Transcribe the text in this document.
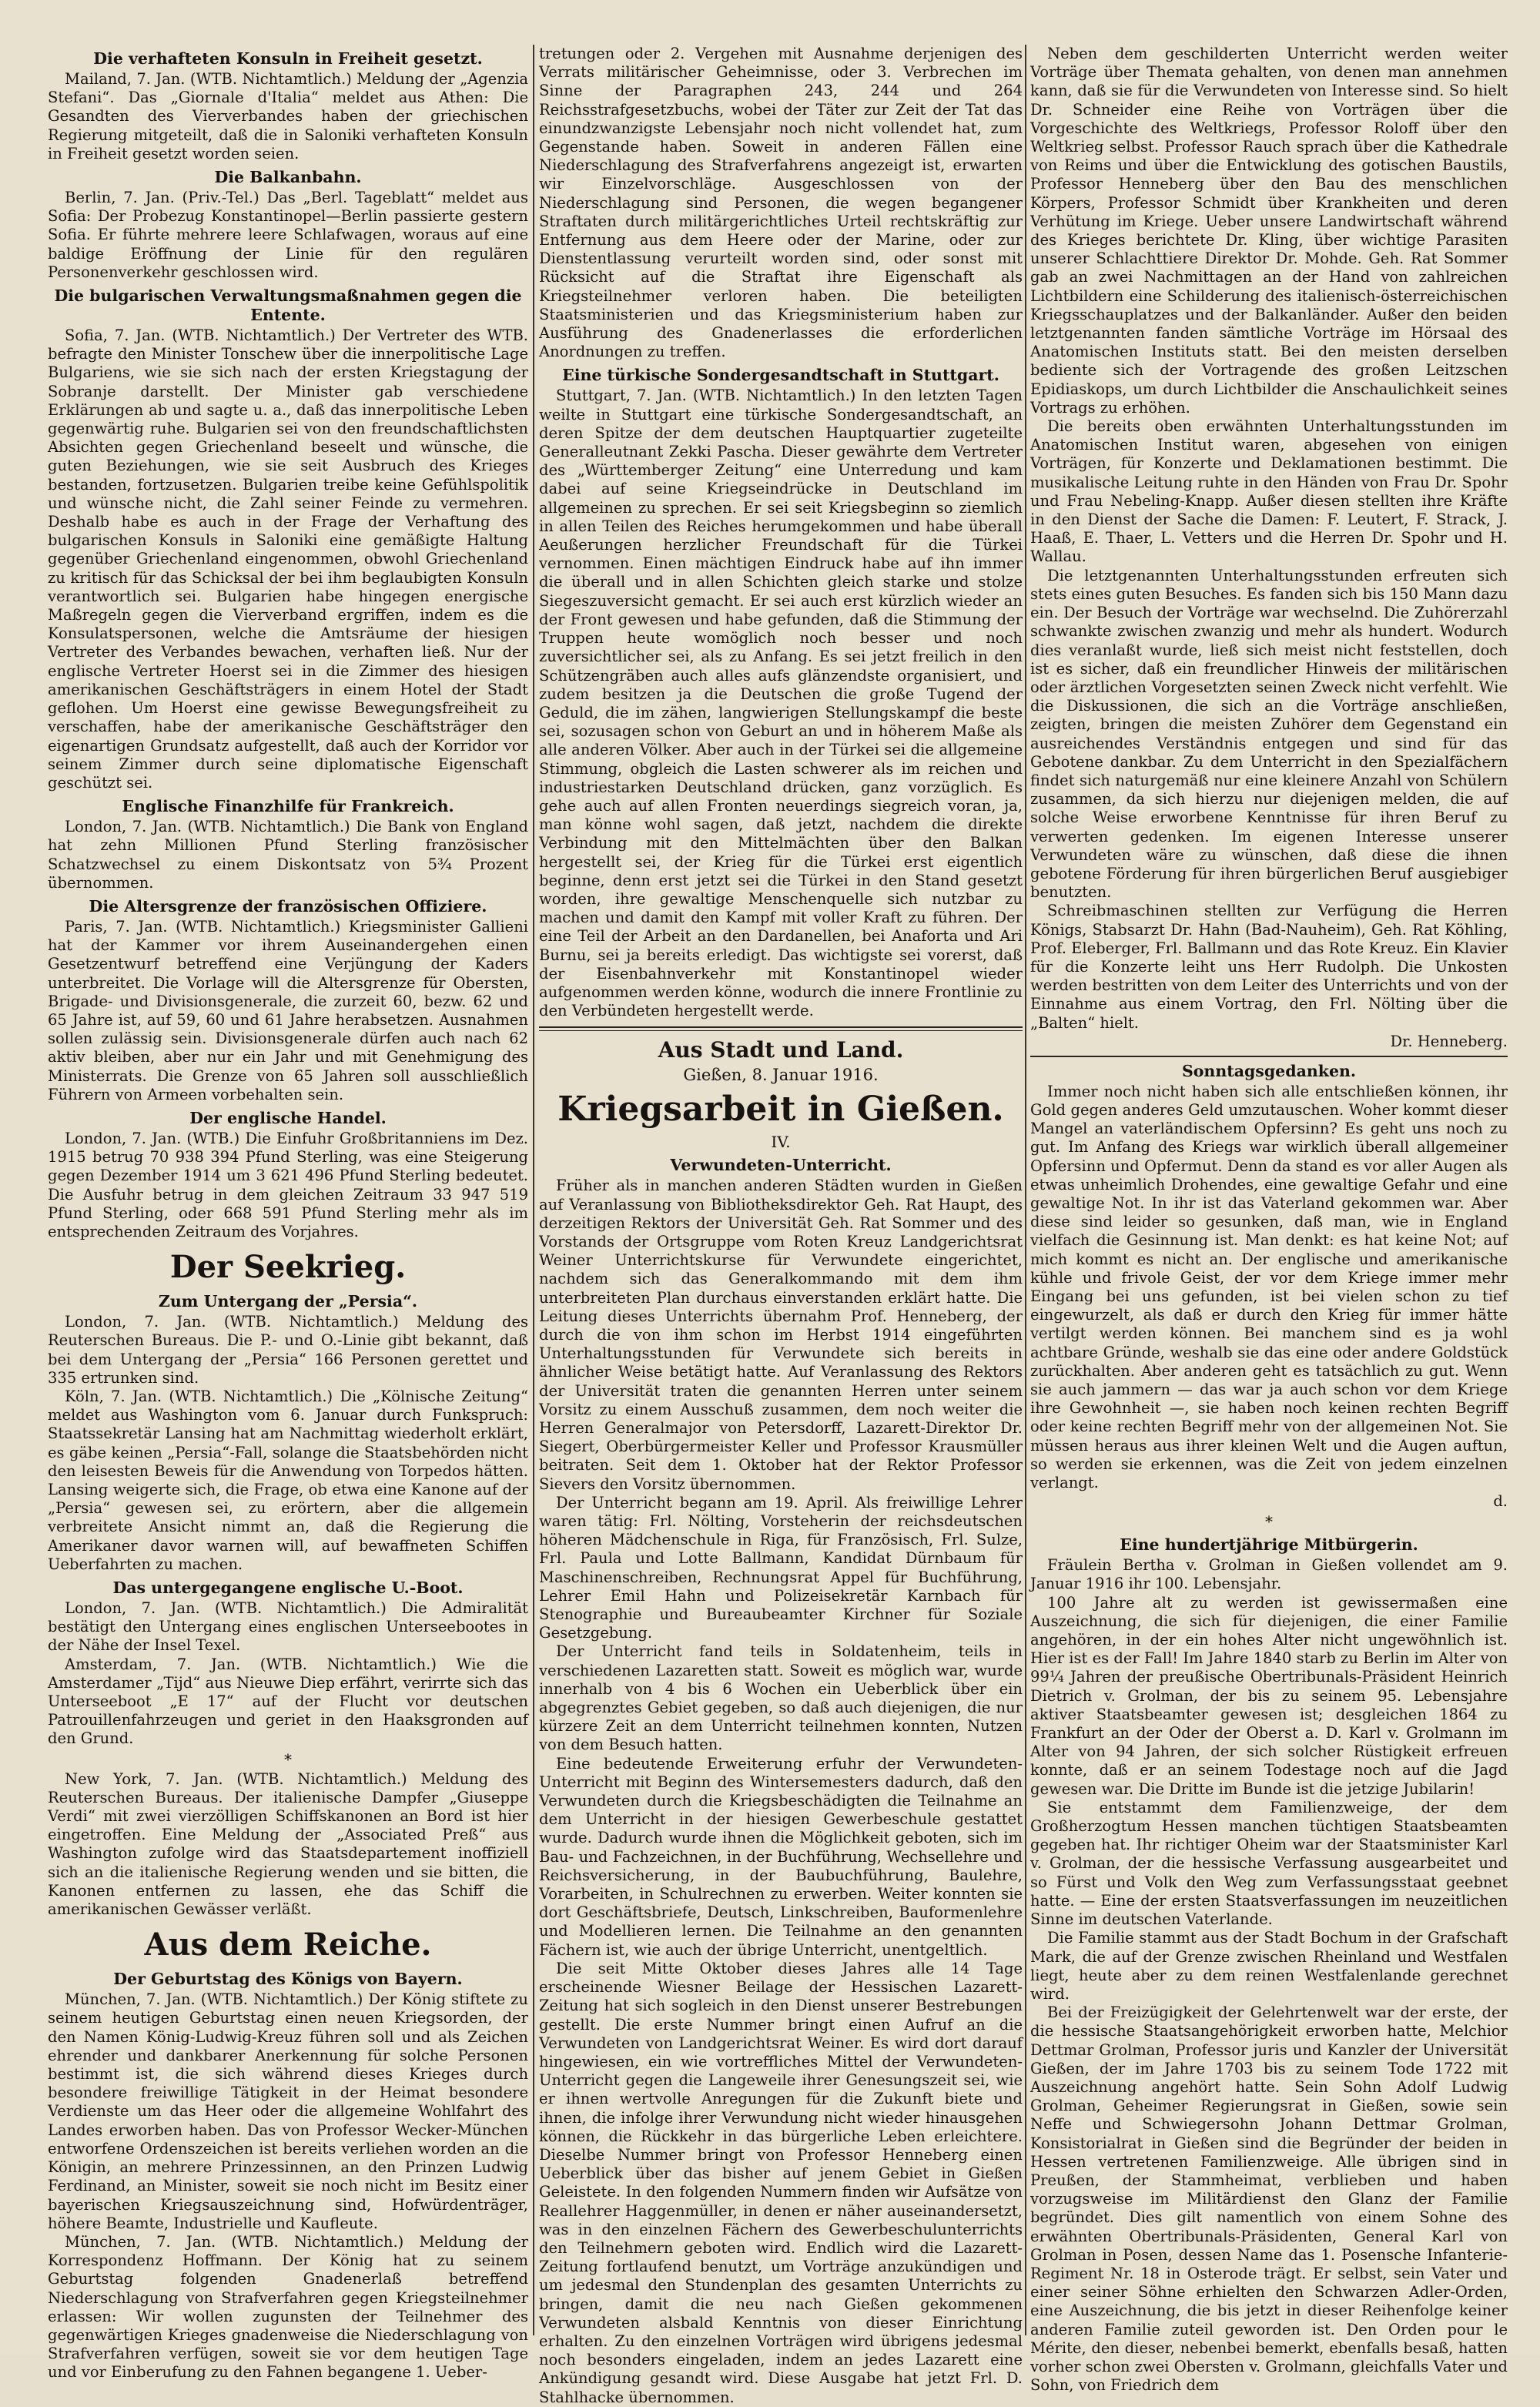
Die verhafteten Konsuln in Freiheit gesetzt.

Mailand, 7. Jan. (WTB. Nichtamtlich.) Meldung der „Agenzia Stefani“. Das „Giornale d'Italia“ meldet aus Athen: Die Gesandten des Vierverbandes haben der griechischen Regierung mitgeteilt, daß die in Saloniki verhafteten Konsuln in Freiheit gesetzt worden seien.

Die Balkanbahn.

Berlin, 7. Jan. (Priv.-Tel.) Das „Berl. Tageblatt“ meldet aus Sofia: Der Probezug Konstantinopel—Berlin passierte gestern Sofia. Er führte mehrere leere Schlafwagen, woraus auf eine baldige Eröffnung der Linie für den regulären Personenverkehr geschlossen wird.

Die bulgarischen Verwaltungsmaßnahmen gegen die Entente.

Sofia, 7. Jan. (WTB. Nichtamtlich.) Der Vertreter des WTB. befragte den Minister Tonschew über die innerpolitische Lage Bulgariens, wie sie sich nach der ersten Kriegstagung der Sobranje darstellt. Der Minister gab verschiedene Erklärungen ab und sagte u. a., daß das innerpolitische Leben gegenwärtig ruhe. Bulgarien sei von den freundschaftlichsten Absichten gegen Griechenland beseelt und wünsche, die guten Beziehungen, wie sie seit Ausbruch des Krieges bestanden, fortzusetzen. Bulgarien treibe keine Gefühlspolitik und wünsche nicht, die Zahl seiner Feinde zu vermehren. Deshalb habe es auch in der Frage der Verhaftung des bulgarischen Konsuls in Saloniki eine gemäßigte Haltung gegenüber Griechenland eingenommen, obwohl Griechenland zu kritisch für das Schicksal der bei ihm beglaubigten Konsuln verantwortlich sei. Bulgarien habe hingegen energische Maßregeln gegen die Vierverband ergriffen, indem es die Konsulatspersonen, welche die Amtsräume der hiesigen Vertreter des Verbandes bewachen, verhaften ließ. Nur der englische Vertreter Hoerst sei in die Zimmer des hiesigen amerikanischen Geschäftsträgers in einem Hotel der Stadt geflohen. Um Hoerst eine gewisse Bewegungsfreiheit zu verschaffen, habe der amerikanische Geschäftsträger den eigenartigen Grundsatz aufgestellt, daß auch der Korridor vor seinem Zimmer durch seine diplomatische Eigenschaft geschützt sei.

Englische Finanzhilfe für Frankreich.

London, 7. Jan. (WTB. Nichtamtlich.) Die Bank von England hat zehn Millionen Pfund Sterling französischer Schatzwechsel zu einem Diskontsatz von 5¾ Prozent übernommen.

Die Altersgrenze der französischen Offiziere.

Paris, 7. Jan. (WTB. Nichtamtlich.) Kriegsminister Gallieni hat der Kammer vor ihrem Auseinandergehen einen Gesetzentwurf betreffend eine Verjüngung der Kaders unterbreitet. Die Vorlage will die Altersgrenze für Obersten, Brigade- und Divisionsgenerale, die zurzeit 60, bezw. 62 und 65 Jahre ist, auf 59, 60 und 61 Jahre herabsetzen. Ausnahmen sollen zulässig sein. Divisionsgenerale dürfen auch nach 62 aktiv bleiben, aber nur ein Jahr und mit Genehmigung des Ministerrats. Die Grenze von 65 Jahren soll ausschließlich Führern von Armeen vorbehalten sein.

Der englische Handel.

London, 7. Jan. (WTB.) Die Einfuhr Großbritanniens im Dez. 1915 betrug 70 938 394 Pfund Sterling, was eine Steigerung gegen Dezember 1914 um 3 621 496 Pfund Sterling bedeutet. Die Ausfuhr betrug in dem gleichen Zeitraum 33 947 519 Pfund Sterling, oder 668 591 Pfund Sterling mehr als im entsprechenden Zeitraum des Vorjahres.

Der Seekrieg.
Zum Untergang der „Persia“.

London, 7. Jan. (WTB. Nichtamtlich.) Meldung des Reuterschen Bureaus. Die P.- und O.-Linie gibt bekannt, daß bei dem Untergang der „Persia“ 166 Personen gerettet und 335 ertrunken sind.

Köln, 7. Jan. (WTB. Nichtamtlich.) Die „Kölnische Zeitung“ meldet aus Washington vom 6. Januar durch Funkspruch: Staatssekretär Lansing hat am Nachmittag wiederholt erklärt, es gäbe keinen „Persia“-Fall, solange die Staatsbehörden nicht den leisesten Beweis für die Anwendung von Torpedos hätten. Lansing weigerte sich, die Frage, ob etwa eine Kanone auf der „Persia“ gewesen sei, zu erörtern, aber die allgemein verbreitete Ansicht nimmt an, daß die Regierung die Amerikaner davor warnen will, auf bewaffneten Schiffen Ueberfahrten zu machen.

Das untergegangene englische U.-Boot.

London, 7. Jan. (WTB. Nichtamtlich.) Die Admiralität bestätigt den Untergang eines englischen Unterseebootes in der Nähe der Insel Texel.

Amsterdam, 7. Jan. (WTB. Nichtamtlich.) Wie die Amsterdamer „Tijd“ aus Nieuwe Diep erfährt, verirrte sich das Unterseeboot „E 17“ auf der Flucht vor deutschen Patrouillenfahrzeugen und geriet in den Haaksgronden auf den Grund.

*

New York, 7. Jan. (WTB. Nichtamtlich.) Meldung des Reuterschen Bureaus. Der italienische Dampfer „Giuseppe Verdi“ mit zwei vierzölligen Schiffskanonen an Bord ist hier eingetroffen. Eine Meldung der „Associated Preß“ aus Washington zufolge wird das Staatsdepartement inoffiziell sich an die italienische Regierung wenden und sie bitten, die Kanonen entfernen zu lassen, ehe das Schiff die amerikanischen Gewässer verläßt.

Aus dem Reiche.
Der Geburtstag des Königs von Bayern.

München, 7. Jan. (WTB. Nichtamtlich.) Der König stiftete zu seinem heutigen Geburtstag einen neuen Kriegsorden, der den Namen König-Ludwig-Kreuz führen soll und als Zeichen ehrender und dankbarer Anerkennung für solche Personen bestimmt ist, die sich während dieses Krieges durch besondere freiwillige Tätigkeit in der Heimat besondere Verdienste um das Heer oder die allgemeine Wohlfahrt des Landes erworben haben. Das von Professor Wecker-München entworfene Ordenszeichen ist bereits verliehen worden an die Königin, an mehrere Prinzessinnen, an den Prinzen Ludwig Ferdinand, an Minister, soweit sie noch nicht im Besitz einer bayerischen Kriegsauszeichnung sind, Hofwürdenträger, höhere Beamte, Industrielle und Kaufleute.

München, 7. Jan. (WTB. Nichtamtlich.) Meldung der Korrespondenz Hoffmann. Der König hat zu seinem Geburtstag folgenden Gnadenerlaß betreffend Niederschlagung von Strafverfahren gegen Kriegsteilnehmer erlassen: Wir wollen zugunsten der Teilnehmer des gegenwärtigen Krieges gnadenweise die Niederschlagung von Strafverfahren verfügen, soweit sie vor dem heutigen Tage und vor Einberufung zu den Fahnen begangene 1. Ueber-

tretungen oder 2. Vergehen mit Ausnahme derjenigen des Verrats militärischer Geheimnisse, oder 3. Verbrechen im Sinne der Paragraphen 243, 244 und 264 Reichsstrafgesetzbuchs, wobei der Täter zur Zeit der Tat das einundzwanzigste Lebensjahr noch nicht vollendet hat, zum Gegenstande haben. Soweit in anderen Fällen eine Niederschlagung des Strafverfahrens angezeigt ist, erwarten wir Einzelvorschläge. Ausgeschlossen von der Niederschlagung sind Personen, die wegen begangener Straftaten durch militärgerichtliches Urteil rechtskräftig zur Entfernung aus dem Heere oder der Marine, oder zur Dienstentlassung verurteilt worden sind, oder sonst mit Rücksicht auf die Straftat ihre Eigenschaft als Kriegsteilnehmer verloren haben. Die beteiligten Staatsministerien und das Kriegsministerium haben zur Ausführung des Gnadenerlasses die erforderlichen Anordnungen zu treffen.

Eine türkische Sondergesandtschaft in Stuttgart.

Stuttgart, 7. Jan. (WTB. Nichtamtlich.) In den letzten Tagen weilte in Stuttgart eine türkische Sondergesandtschaft, an deren Spitze der dem deutschen Hauptquartier zugeteilte Generalleutnant Zekki Pascha. Dieser gewährte dem Vertreter des „Württemberger Zeitung“ eine Unterredung und kam dabei auf seine Kriegseindrücke in Deutschland im allgemeinen zu sprechen. Er sei seit Kriegsbeginn so ziemlich in allen Teilen des Reiches herumgekommen und habe überall Aeußerungen herzlicher Freundschaft für die Türkei vernommen. Einen mächtigen Eindruck habe auf ihn immer die überall und in allen Schichten gleich starke und stolze Siegeszuversicht gemacht. Er sei auch erst kürzlich wieder an der Front gewesen und habe gefunden, daß die Stimmung der Truppen heute womöglich noch besser und noch zuversichtlicher sei, als zu Anfang. Es sei jetzt freilich in den Schützengräben auch alles aufs glänzendste organisiert, und zudem besitzen ja die Deutschen die große Tugend der Geduld, die im zähen, langwierigen Stellungskampf die beste sei, sozusagen schon von Geburt an und in höherem Maße als alle anderen Völker. Aber auch in der Türkei sei die allgemeine Stimmung, obgleich die Lasten schwerer als im reichen und industriestarken Deutschland drücken, ganz vorzüglich. Es gehe auch auf allen Fronten neuerdings siegreich voran, ja, man könne wohl sagen, daß jetzt, nachdem die direkte Verbindung mit den Mittelmächten über den Balkan hergestellt sei, der Krieg für die Türkei erst eigentlich beginne, denn erst jetzt sei die Türkei in den Stand gesetzt worden, ihre gewaltige Menschenquelle sich nutzbar zu machen und damit den Kampf mit voller Kraft zu führen. Der eine Teil der Arbeit an den Dardanellen, bei Anaforta und Ari Burnu, sei ja bereits erledigt. Das wichtigste sei vorerst, daß der Eisenbahnverkehr mit Konstantinopel wieder aufgenommen werden könne, wodurch die innere Frontlinie zu den Verbündeten hergestellt werde.

Aus Stadt und Land.
Gießen, 8. Januar 1916.
Kriegsarbeit in Gießen.
IV.
Verwundeten-Unterricht.

Früher als in manchen anderen Städten wurden in Gießen auf Veranlassung von Bibliotheksdirektor Geh. Rat Haupt, des derzeitigen Rektors der Universität Geh. Rat Sommer und des Vorstands der Ortsgruppe vom Roten Kreuz Landgerichtsrat Weiner Unterrichtskurse für Verwundete eingerichtet, nachdem sich das Generalkommando mit dem ihm unterbreiteten Plan durchaus einverstanden erklärt hatte. Die Leitung dieses Unterrichts übernahm Prof. Henneberg, der durch die von ihm schon im Herbst 1914 eingeführten Unterhaltungsstunden für Verwundete sich bereits in ähnlicher Weise betätigt hatte. Auf Veranlassung des Rektors der Universität traten die genannten Herren unter seinem Vorsitz zu einem Ausschuß zusammen, dem noch weiter die Herren Generalmajor von Petersdorff, Lazarett-Direktor Dr. Siegert, Oberbürgermeister Keller und Professor Krausmüller beitraten. Seit dem 1. Oktober hat der Rektor Professor Sievers den Vorsitz übernommen.

Der Unterricht begann am 19. April. Als freiwillige Lehrer waren tätig: Frl. Nölting, Vorsteherin der reichsdeutschen höheren Mädchenschule in Riga, für Französisch, Frl. Sulze, Frl. Paula und Lotte Ballmann, Kandidat Dürnbaum für Maschinenschreiben, Rechnungsrat Appel für Buchführung, Lehrer Emil Hahn und Polizeisekretär Karnbach für Stenographie und Bureaubeamter Kirchner für Soziale Gesetzgebung.

Der Unterricht fand teils in Soldatenheim, teils in verschiedenen Lazaretten statt. Soweit es möglich war, wurde innerhalb von 4 bis 6 Wochen ein Ueberblick über ein abgegrenztes Gebiet gegeben, so daß auch diejenigen, die nur kürzere Zeit an dem Unterricht teilnehmen konnten, Nutzen von dem Besuch hatten.

Eine bedeutende Erweiterung erfuhr der Verwundeten-Unterricht mit Beginn des Wintersemesters dadurch, daß den Verwundeten durch die Kriegsbeschädigten die Teilnahme an dem Unterricht in der hiesigen Gewerbeschule gestattet wurde. Dadurch wurde ihnen die Möglichkeit geboten, sich im Bau- und Fachzeichnen, in der Buchführung, Wechsellehre und Reichsversicherung, in der Baubuchführung, Baulehre, Vorarbeiten, in Schulrechnen zu erwerben. Weiter konnten sie dort Geschäftsbriefe, Deutsch, Linkschreiben, Bauformenlehre und Modellieren lernen. Die Teilnahme an den genannten Fächern ist, wie auch der übrige Unterricht, unentgeltlich.

Die seit Mitte Oktober dieses Jahres alle 14 Tage erscheinende Wiesner Beilage der Hessischen Lazarett-Zeitung hat sich sogleich in den Dienst unserer Bestrebungen gestellt. Die erste Nummer bringt einen Aufruf an die Verwundeten von Landgerichtsrat Weiner. Es wird dort darauf hingewiesen, ein wie vortreffliches Mittel der Verwundeten-Unterricht gegen die Langeweile ihrer Genesungszeit sei, wie er ihnen wertvolle Anregungen für die Zukunft biete und ihnen, die infolge ihrer Verwundung nicht wieder hinausgehen können, die Rückkehr in das bürgerliche Leben erleichtere. Dieselbe Nummer bringt von Professor Henneberg einen Ueberblick über das bisher auf jenem Gebiet in Gießen Geleistete. In den folgenden Nummern finden wir Aufsätze von Reallehrer Haggenmüller, in denen er näher auseinandersetzt, was in den einzelnen Fächern des Gewerbeschulunterrichts den Teilnehmern geboten wird. Endlich wird die Lazarett-Zeitung fortlaufend benutzt, um Vorträge anzukündigen und um jedesmal den Stundenplan des gesamten Unterrichts zu bringen, damit die neu nach Gießen gekommenen Verwundeten alsbald Kenntnis von dieser Einrichtung erhalten. Zu den einzelnen Vorträgen wird übrigens jedesmal noch besonders eingeladen, indem an jedes Lazarett eine Ankündigung gesandt wird. Diese Ausgabe hat jetzt Frl. D. Stahlhacke übernommen.

Neben dem geschilderten Unterricht werden weiter Vorträge über Themata gehalten, von denen man annehmen kann, daß sie für die Verwundeten von Interesse sind. So hielt Dr. Schneider eine Reihe von Vorträgen über die Vorgeschichte des Weltkriegs, Professor Roloff über den Weltkrieg selbst. Professor Rauch sprach über die Kathedrale von Reims und über die Entwicklung des gotischen Baustils, Professor Henneberg über den Bau des menschlichen Körpers, Professor Schmidt über Krankheiten und deren Verhütung im Kriege. Ueber unsere Landwirtschaft während des Krieges berichtete Dr. Kling, über wichtige Parasiten unserer Schlachttiere Direktor Dr. Mohde. Geh. Rat Sommer gab an zwei Nachmittagen an der Hand von zahlreichen Lichtbildern eine Schilderung des italienisch-österreichischen Kriegsschauplatzes und der Balkanländer. Außer den beiden letztgenannten fanden sämtliche Vorträge im Hörsaal des Anatomischen Instituts statt. Bei den meisten derselben bediente sich der Vortragende des großen Leitzschen Epidiaskops, um durch Lichtbilder die Anschaulichkeit seines Vortrags zu erhöhen.

Die bereits oben erwähnten Unterhaltungsstunden im Anatomischen Institut waren, abgesehen von einigen Vorträgen, für Konzerte und Deklamationen bestimmt. Die musikalische Leitung ruhte in den Händen von Frau Dr. Spohr und Frau Nebeling-Knapp. Außer diesen stellten ihre Kräfte in den Dienst der Sache die Damen: F. Leutert, F. Strack, J. Haaß, E. Thaer, L. Vetters und die Herren Dr. Spohr und H. Wallau.

Die letztgenannten Unterhaltungsstunden erfreuten sich stets eines guten Besuches. Es fanden sich bis 150 Mann dazu ein. Der Besuch der Vorträge war wechselnd. Die Zuhörerzahl schwankte zwischen zwanzig und mehr als hundert. Wodurch dies veranlaßt wurde, ließ sich meist nicht feststellen, doch ist es sicher, daß ein freundlicher Hinweis der militärischen oder ärztlichen Vorgesetzten seinen Zweck nicht verfehlt. Wie die Diskussionen, die sich an die Vorträge anschließen, zeigten, bringen die meisten Zuhörer dem Gegenstand ein ausreichendes Verständnis entgegen und sind für das Gebotene dankbar. Zu dem Unterricht in den Spezialfächern findet sich naturgemäß nur eine kleinere Anzahl von Schülern zusammen, da sich hierzu nur diejenigen melden, die auf solche Weise erworbene Kenntnisse für ihren Beruf zu verwerten gedenken. Im eigenen Interesse unserer Verwundeten wäre zu wünschen, daß diese die ihnen gebotene Förderung für ihren bürgerlichen Beruf ausgiebiger benutzten.

Schreibmaschinen stellten zur Verfügung die Herren Königs, Stabsarzt Dr. Hahn (Bad-Nauheim), Geh. Rat Köhling, Prof. Eleberger, Frl. Ballmann und das Rote Kreuz. Ein Klavier für die Konzerte leiht uns Herr Rudolph. Die Unkosten werden bestritten von dem Leiter des Unterrichts und von der Einnahme aus einem Vortrag, den Frl. Nölting über die „Balten“ hielt.

Dr. Henneberg.
Sonntagsgedanken.

Immer noch nicht haben sich alle entschließen können, ihr Gold gegen anderes Geld umzutauschen. Woher kommt dieser Mangel an vaterländischem Opfersinn? Es geht uns noch zu gut. Im Anfang des Kriegs war wirklich überall allgemeiner Opfersinn und Opfermut. Denn da stand es vor aller Augen als etwas unheimlich Drohendes, eine gewaltige Gefahr und eine gewaltige Not. In ihr ist das Vaterland gekommen war. Aber diese sind leider so gesunken, daß man, wie in England vielfach die Gesinnung ist. Man denkt: es hat keine Not; auf mich kommt es nicht an. Der englische und amerikanische kühle und frivole Geist, der vor dem Kriege immer mehr Eingang bei uns gefunden, ist bei vielen schon zu tief eingewurzelt, als daß er durch den Krieg für immer hätte vertilgt werden können. Bei manchem sind es ja wohl achtbare Gründe, weshalb sie das eine oder andere Goldstück zurückhalten. Aber anderen geht es tatsächlich zu gut. Wenn sie auch jammern — das war ja auch schon vor dem Kriege ihre Gewohnheit —, sie haben noch keinen rechten Begriff oder keine rechten Begriff mehr von der allgemeinen Not. Sie müssen heraus aus ihrer kleinen Welt und die Augen auftun, so werden sie erkennen, was die Zeit von jedem einzelnen verlangt.

d.
*
Eine hundertjährige Mitbürgerin.

Fräulein Bertha v. Grolman in Gießen vollendet am 9. Januar 1916 ihr 100. Lebensjahr.

100 Jahre alt zu werden ist gewissermaßen eine Auszeichnung, die sich für diejenigen, die einer Familie angehören, in der ein hohes Alter nicht ungewöhnlich ist. Hier ist es der Fall! Im Jahre 1840 starb zu Berlin im Alter von 99¼ Jahren der preußische Obertribunals-Präsident Heinrich Dietrich v. Grolman, der bis zu seinem 95. Lebensjahre aktiver Staatsbeamter gewesen ist; desgleichen 1864 zu Frankfurt an der Oder der Oberst a. D. Karl v. Grolmann im Alter von 94 Jahren, der sich solcher Rüstigkeit erfreuen konnte, daß er an seinem Todestage noch auf die Jagd gewesen war. Die Dritte im Bunde ist die jetzige Jubilarin!

Sie entstammt dem Familienzweige, der dem Großherzogtum Hessen manchen tüchtigen Staatsbeamten gegeben hat. Ihr richtiger Oheim war der Staatsminister Karl v. Grolman, der die hessische Verfassung ausgearbeitet und so Fürst und Volk den Weg zum Verfassungsstaat geebnet hatte. — Eine der ersten Staatsverfassungen im neuzeitlichen Sinne im deutschen Vaterlande.

Die Familie stammt aus der Stadt Bochum in der Grafschaft Mark, die auf der Grenze zwischen Rheinland und Westfalen liegt, heute aber zu dem reinen Westfalenlande gerechnet wird.

Bei der Freizügigkeit der Gelehrtenwelt war der erste, der die hessische Staatsangehörigkeit erworben hatte, Melchior Dettmar Grolman, Professor juris und Kanzler der Universität Gießen, der im Jahre 1703 bis zu seinem Tode 1722 mit Auszeichnung angehört hatte. Sein Sohn Adolf Ludwig Grolman, Geheimer Regierungsrat in Gießen, sowie sein Neffe und Schwiegersohn Johann Dettmar Grolman, Konsistorialrat in Gießen sind die Begründer der beiden in Hessen vertretenen Familienzweige. Alle übrigen sind in Preußen, der Stammheimat, verblieben und haben vorzugsweise im Militärdienst den Glanz der Familie begründet. Dies gilt namentlich von einem Sohne des erwähnten Obertribunals-Präsidenten, General Karl von Grolman in Posen, dessen Name das 1. Posensche Infanterie-Regiment Nr. 18 in Osterode trägt. Er selbst, sein Vater und einer seiner Söhne erhielten den Schwarzen Adler-Orden, eine Auszeichnung, die bis jetzt in dieser Reihenfolge keiner anderen Familie zuteil geworden ist. Den Orden pour le Mérite, den dieser, nebenbei bemerkt, ebenfalls besaß, hatten vorher schon zwei Obersten v. Grolmann, gleichfalls Vater und Sohn, von Friedrich dem
